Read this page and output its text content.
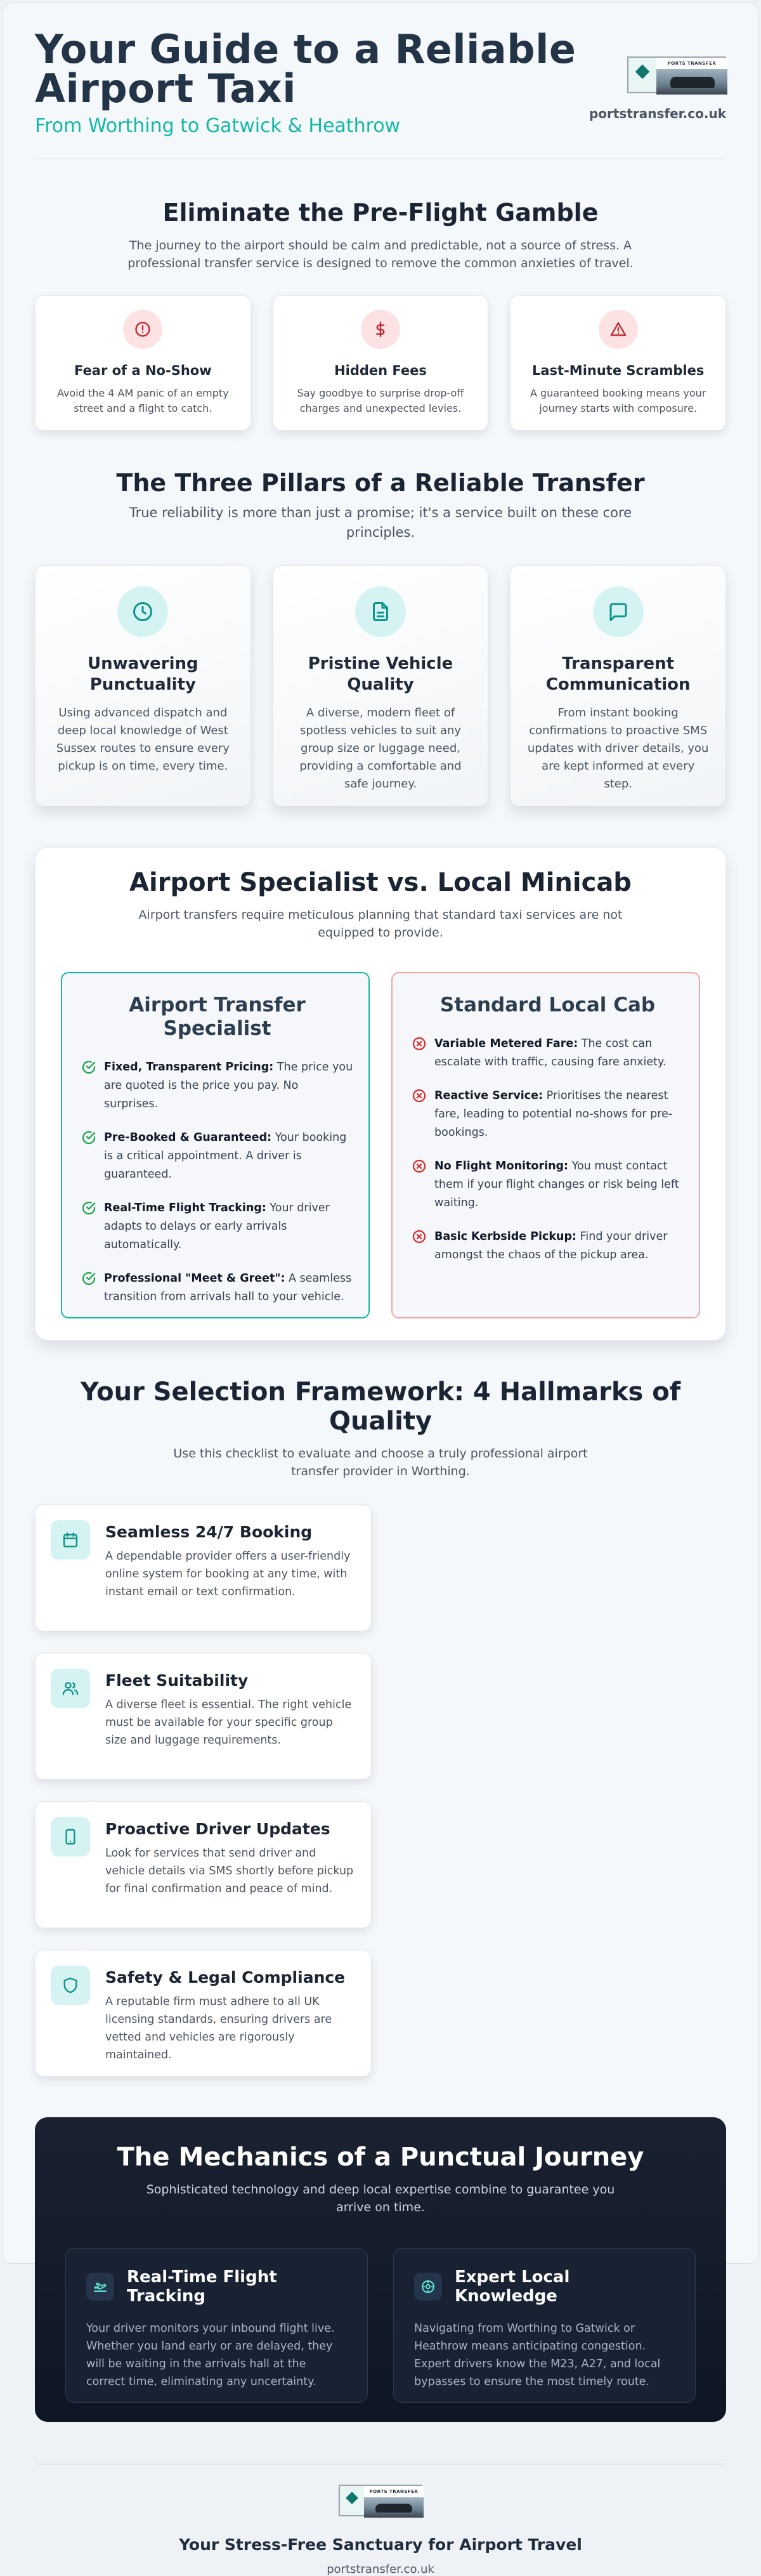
Your Guide to a Reliable Airport Taxi
From Worthing to Gatwick & Heathrow
PORTS TRANSFER
portstransfer.co.uk
Eliminate the Pre-Flight Gamble
The journey to the airport should be calm and predictable, not a source of stress. A professional transfer service is designed to remove the common anxieties of travel.
Fear of a No-Show

Avoid the 4 AM panic of an empty street and a flight to catch.

Hidden Fees

Say goodbye to surprise drop-off charges and unexpected levies.

Last-Minute Scrambles

A guaranteed booking means your journey starts with composure.

The Three Pillars of a Reliable Transfer
True reliability is more than just a promise; it's a service built on these core principles.
Unwavering Punctuality

Using advanced dispatch and deep local knowledge of West Sussex routes to ensure every pickup is on time, every time.

Pristine Vehicle Quality

A diverse, modern fleet of spotless vehicles to suit any group size or luggage need, providing a comfortable and safe journey.

Transparent Communication

From instant booking confirmations to proactive SMS updates with driver details, you are kept informed at every step.

Airport Specialist vs. Local Minicab
Airport transfers require meticulous planning that standard taxi services are not equipped to provide.
Airport Transfer Specialist
Fixed, Transparent Pricing: The price you are quoted is the price you pay. No surprises.
Pre-Booked & Guaranteed: Your booking is a critical appointment. A driver is guaranteed.
Real-Time Flight Tracking: Your driver adapts to delays or early arrivals automatically.
Professional "Meet & Greet": A seamless transition from arrivals hall to your vehicle.
Standard Local Cab
Variable Metered Fare: The cost can escalate with traffic, causing fare anxiety.
Reactive Service: Prioritises the nearest fare, leading to potential no-shows for pre-bookings.
No Flight Monitoring: You must contact them if your flight changes or risk being left waiting.
Basic Kerbside Pickup: Find your driver amongst the chaos of the pickup area.
Your Selection Framework: 4 Hallmarks of Quality
Use this checklist to evaluate and choose a truly professional airport transfer provider in Worthing.
Seamless 24/7 Booking

A dependable provider offers a user-friendly online system for booking at any time, with instant email or text confirmation.

Fleet Suitability

A diverse fleet is essential. The right vehicle must be available for your specific group size and luggage requirements.

Proactive Driver Updates

Look for services that send driver and vehicle details via SMS shortly before pickup for final confirmation and peace of mind.

Safety & Legal Compliance

A reputable firm must adhere to all UK licensing standards, ensuring drivers are vetted and vehicles are rigorously maintained.

The Mechanics of a Punctual Journey
Sophisticated technology and deep local expertise combine to guarantee you arrive on time.
Real-Time Flight Tracking

Your driver monitors your inbound flight live. Whether you land early or are delayed, they will be waiting in the arrivals hall at the correct time, eliminating any uncertainty.

Expert Local Knowledge

Navigating from Worthing to Gatwick or Heathrow means anticipating congestion. Expert drivers know the M23, A27, and local bypasses to ensure the most timely route.

PORTS TRANSFER
Your Stress-Free Sanctuary for Airport Travel
portstransfer.co.uk
